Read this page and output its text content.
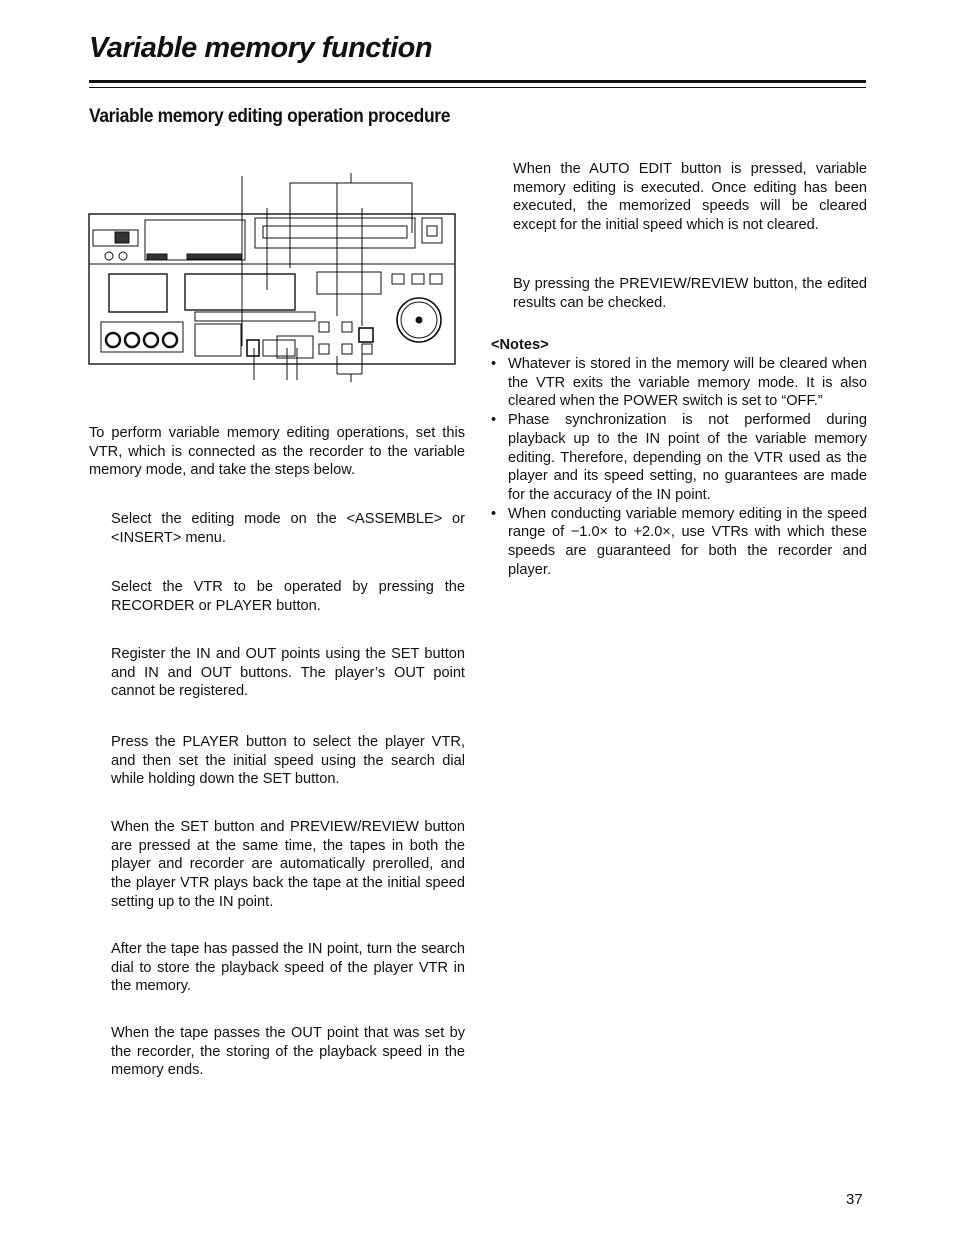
Variable memory function
Variable memory editing operation procedure

To perform variable memory editing operations, set this VTR, which is connected as the recorder to the variable memory mode, and take the steps below.

Select the editing mode on the <ASSEMBLE> or <INSERT> menu.

Select the VTR to be operated by pressing the RECORDER or PLAYER button.

Register the IN and OUT points using the SET button and IN and OUT buttons. The player’s OUT point cannot be registered.

Press the PLAYER button to select the player VTR, and then set the initial speed using the search dial while holding down the SET button.

When the SET button and PREVIEW/REVIEW button are pressed at the same time, the tapes in both the player and recorder are automatically prerolled, and the player VTR plays back the tape at the initial speed setting up to the IN point.

After the tape has passed the IN point, turn the search dial to store the playback speed of the player VTR in the memory.

When the tape passes the OUT point that was set by the recorder, the storing of the playback speed in the memory ends.

When the AUTO EDIT button is pressed, variable memory editing is executed. Once editing has been executed, the memorized speeds will be cleared except for the initial speed which is not cleared.

By pressing the PREVIEW/REVIEW button, the edited results can be checked.

<Notes>

• Whatever is stored in the memory will be cleared when the VTR exits the variable memory mode. It is also cleared when the POWER switch is set to “OFF.”
• Phase synchronization is not performed during playback up to the IN point of the variable memory editing. Therefore, depending on the VTR used as the player and its speed setting, no guarantees are made for the accuracy of the IN point.
• When conducting variable memory editing in the speed range of −1.0× to +2.0×, use VTRs with which these speeds are guaranteed for both the recorder and player.
37
